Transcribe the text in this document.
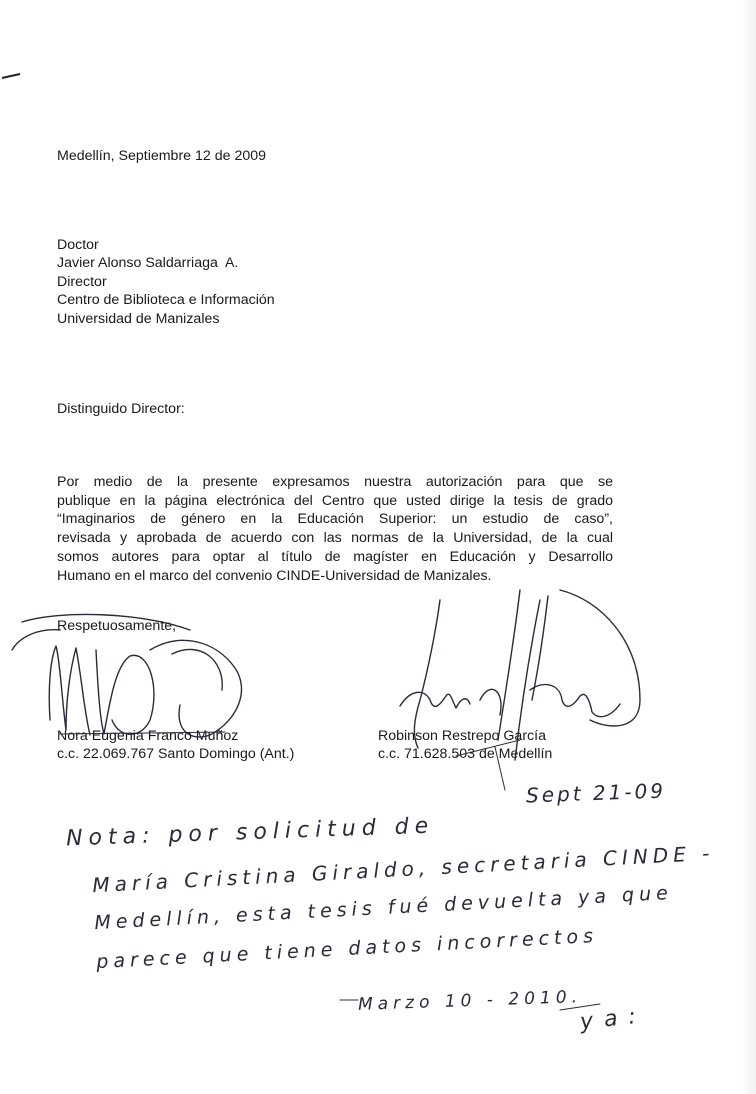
Medellín, Septiembre 12 de 2009
Doctor
Javier Alonso Saldarriaga  A.
Director
Centro de Biblioteca e Información
Universidad de Manizales
Distinguido Director:
Por medio de la presente expresamos nuestra autorización para que se
publique en la página electrónica del Centro que usted dirige la tesis de grado
“Imaginarios de género en la Educación Superior: un estudio de caso”,
revisada y aprobada de acuerdo con las normas de la Universidad, de la cual
somos autores para optar al título de magíster en Educación y Desarrollo
Humano en el marco del convenio CINDE-Universidad de Manizales.
Respetuosamente,
Nora Eugenia Franco Muñoz
c.c. 22.069.767 Santo Domingo (Ant.)
Robinson Restrepo García
c.c. 71.628.503 de Medellín
Sept 21-09
Nota: por solicitud de
María Cristina Giraldo, secretaria CINDE -
Medellín, esta tesis fué devuelta ya que
parece que tiene datos incorrectos
Marzo 10 - 2010.
y a :
